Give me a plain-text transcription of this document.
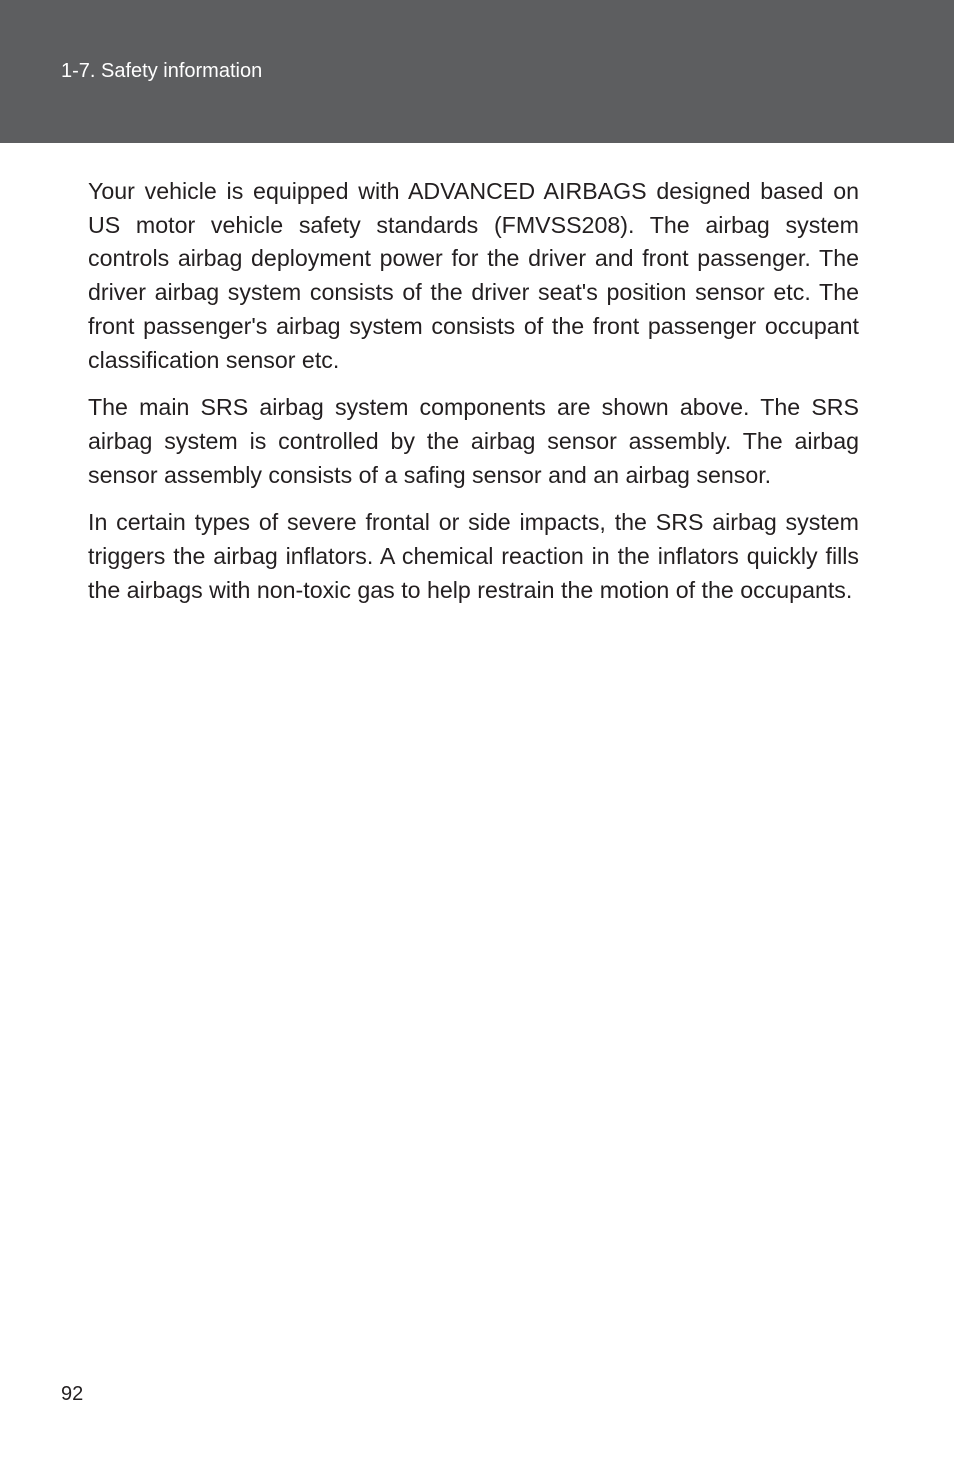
1-7. Safety information

Your vehicle is equipped with ADVANCED AIRBAGS designed based on US motor vehicle safety standards (FMVSS208). The airbag system controls airbag deployment power for the driver and front passenger. The driver airbag system consists of the driver seat's position sensor etc. The front passenger's airbag system consists of the front passenger occupant classification sensor etc.

The main SRS airbag system components are shown above. The SRS airbag system is controlled by the airbag sensor assembly. The airbag sensor assembly consists of a safing sensor and an airbag sensor.

In certain types of severe frontal or side impacts, the SRS airbag system triggers the airbag inflators. A chemical reaction in the inflators quickly fills the airbags with non-toxic gas to help restrain the motion of the occupants.

92
